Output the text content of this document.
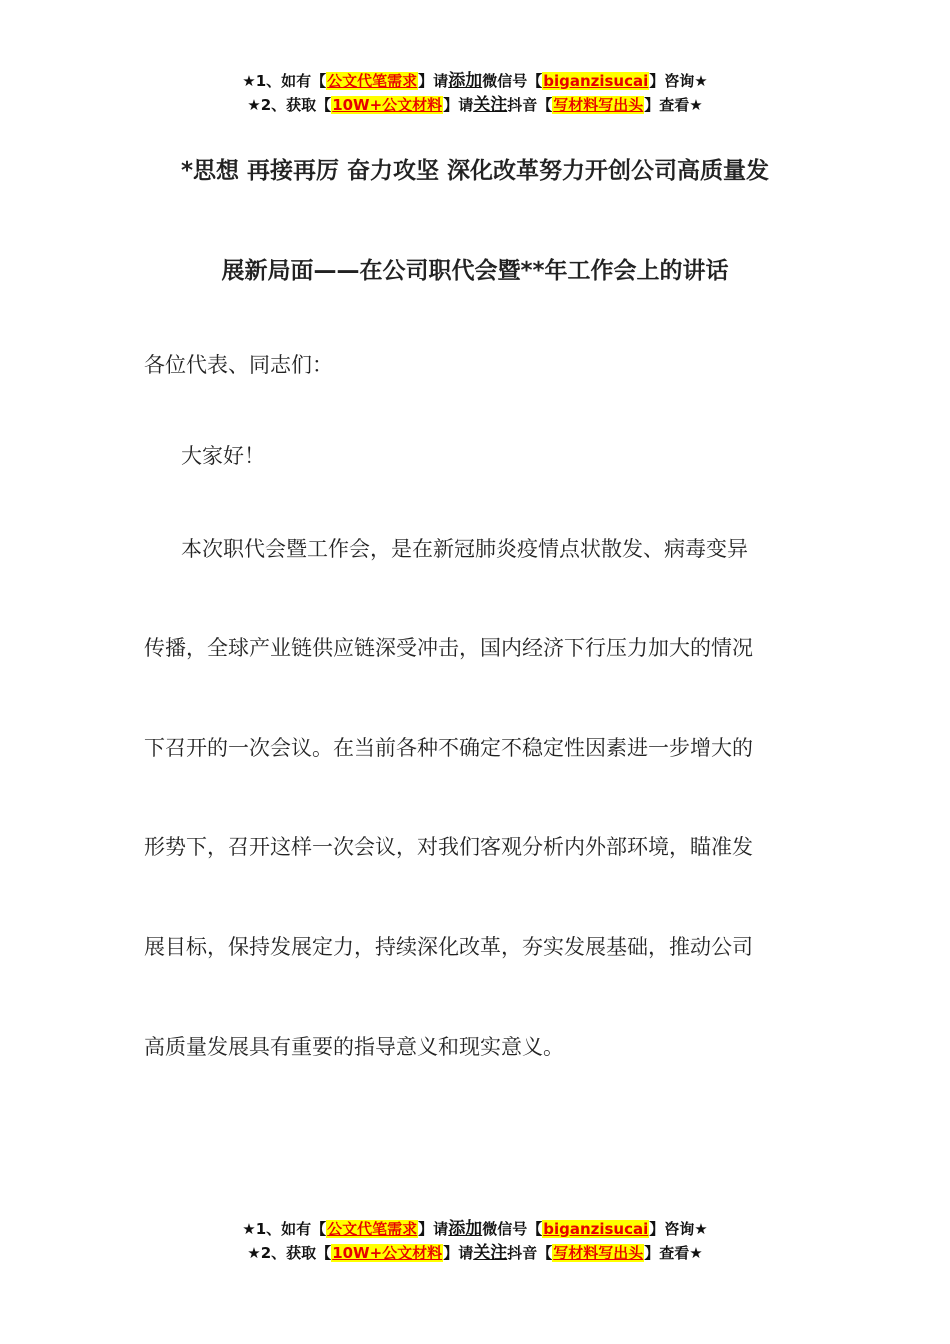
★1、如有【公文代笔需求】请添加微信号【biganzisucai】咨询★
★2、获取【10W+公文材料】请关注抖音【写材料写出头】查看★
*思想 再接再厉 奋力攻坚 深化改革努力开创公司高质量发
展新局面——在公司职代会暨**年工作会上的讲话
各位代表、同志们：
大家好！
本次职代会暨工作会，是在新冠肺炎疫情点状散发、病毒变异
传播，全球产业链供应链深受冲击，国内经济下行压力加大的情况
下召开的一次会议。在当前各种不确定不稳定性因素进一步增大的
形势下，召开这样一次会议，对我们客观分析内外部环境，瞄准发
展目标，保持发展定力，持续深化改革，夯实发展基础，推动公司
高质量发展具有重要的指导意义和现实意义。
★1、如有【公文代笔需求】请添加微信号【biganzisucai】咨询★
★2、获取【10W+公文材料】请关注抖音【写材料写出头】查看★
